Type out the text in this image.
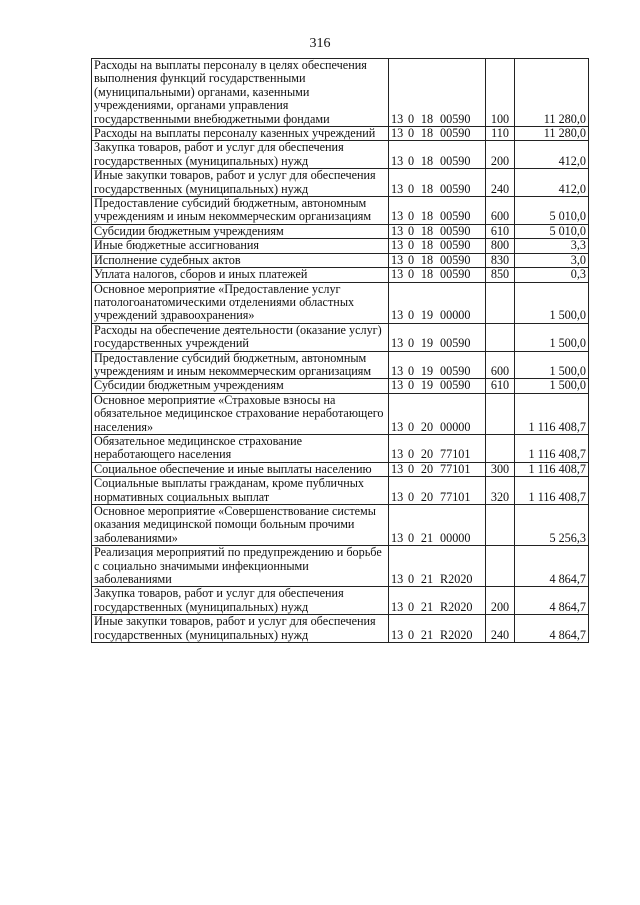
316
Расходы на выплаты персоналу в целях обеспечения выполнения функций государственными (муниципальными) органами, казенными учреждениями, органами управления государственными внебюджетными фондами	13 0 18 00590	100	11 280,0
Расходы на выплаты персоналу казенных учреждений	13 0 18 00590	110	11 280,0
Закупка товаров, работ и услуг для обеспечения государственных (муниципальных) нужд	13 0 18 00590	200	412,0
Иные закупки товаров, работ и услуг для обеспечения государственных (муниципальных) нужд	13 0 18 00590	240	412,0
Предоставление субсидий бюджетным, автономным учреждениям и иным некоммерческим организациям	13 0 18 00590	600	5 010,0
Субсидии бюджетным учреждениям	13 0 18 00590	610	5 010,0
Иные бюджетные ассигнования	13 0 18 00590	800	3,3
Исполнение судебных актов	13 0 18 00590	830	3,0
Уплата налогов, сборов и иных платежей	13 0 18 00590	850	0,3
Основное мероприятие «Предоставление услуг патологоанатомическими отделениями областных учреждений здравоохранения»	13 0 19 00000		1 500,0
Расходы на обеспечение деятельности (оказание услуг) государственных учреждений	13 0 19 00590		1 500,0
Предоставление субсидий бюджетным, автономным учреждениям и иным некоммерческим организациям	13 0 19 00590	600	1 500,0
Субсидии бюджетным учреждениям	13 0 19 00590	610	1 500,0
Основное мероприятие «Страховые взносы на обязательное медицинское страхование неработающего населения»	13 0 20 00000		1 116 408,7
Обязательное медицинское страхование неработающего населения	13 0 20 77101		1 116 408,7
Социальное обеспечение и иные выплаты населению	13 0 20 77101	300	1 116 408,7
Социальные выплаты гражданам, кроме публичных нормативных социальных выплат	13 0 20 77101	320	1 116 408,7
Основное мероприятие «Совершенствование системы оказания медицинской помощи больным прочими заболеваниями»	13 0 21 00000		5 256,3
Реализация мероприятий по предупреждению и борьбе с социально значимыми инфекционными заболеваниями	13 0 21 R2020		4 864,7
Закупка товаров, работ и услуг для обеспечения государственных (муниципальных) нужд	13 0 21 R2020	200	4 864,7
Иные закупки товаров, работ и услуг для обеспечения государственных (муниципальных) нужд	13 0 21 R2020	240	4 864,7
